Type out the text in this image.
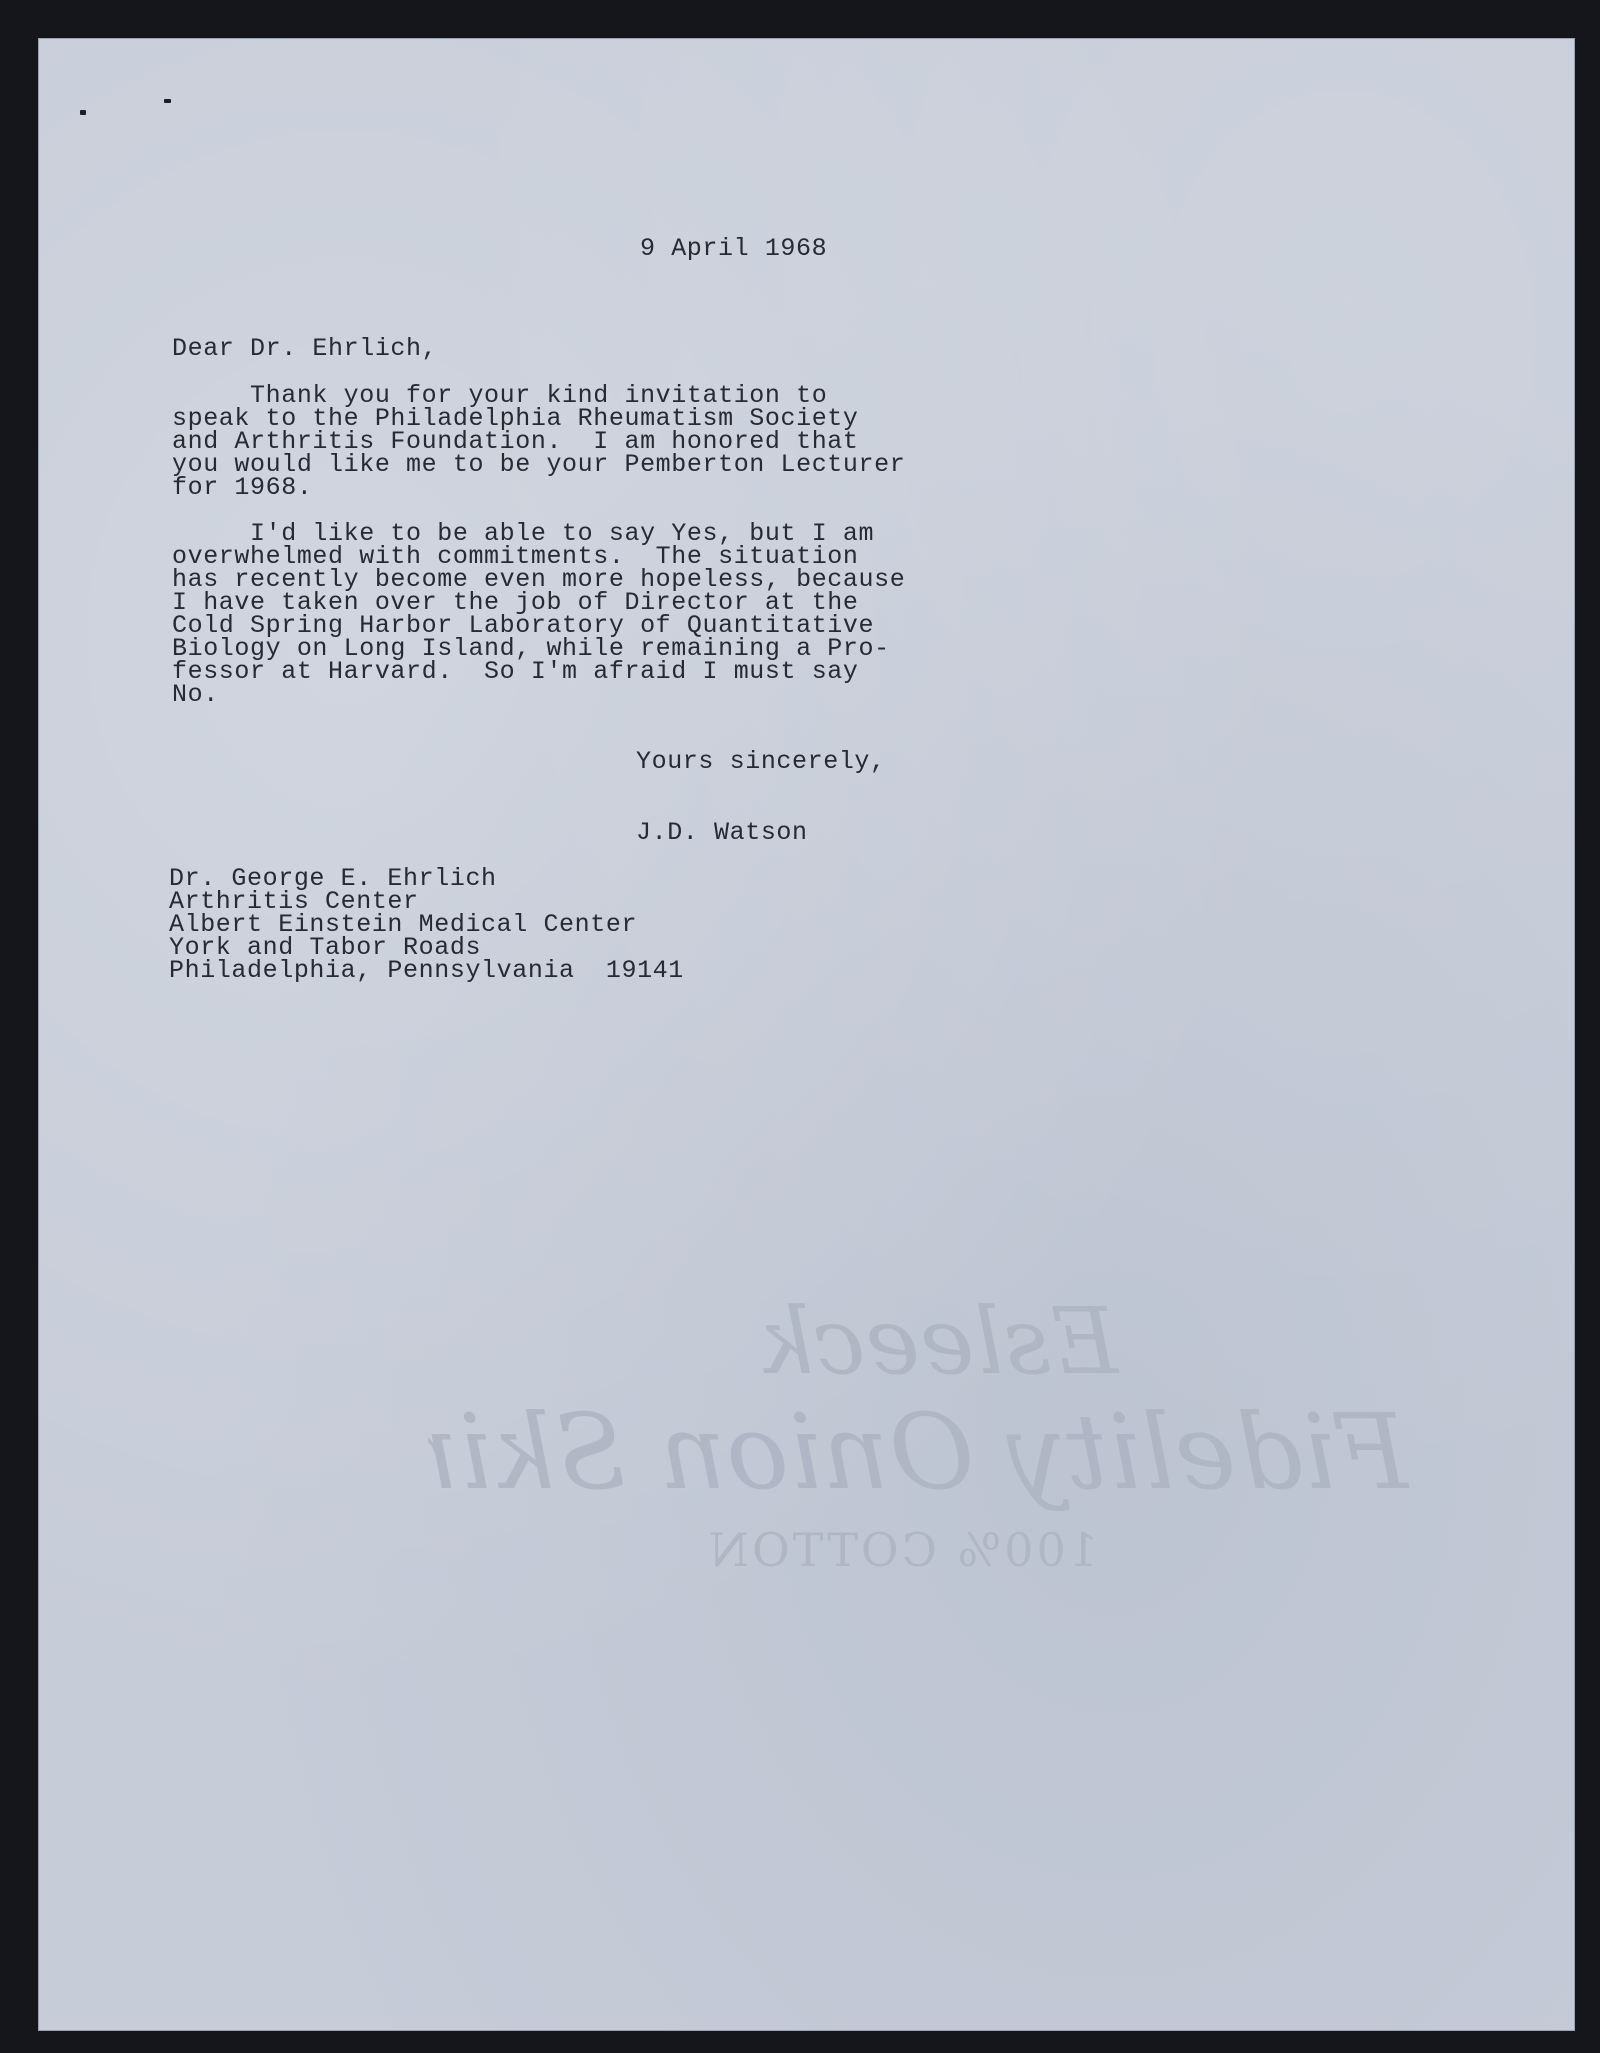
9 April 1968
Dear Dr. Ehrlich,
Thank you for your kind invitation to
speak to the Philadelphia Rheumatism Society
and Arthritis Foundation.  I am honored that
you would like me to be your Pemberton Lecturer
for 1968.
I'd like to be able to say Yes, but I am
overwhelmed with commitments.  The situation
has recently become even more hopeless, because
I have taken over the job of Director at the
Cold Spring Harbor Laboratory of Quantitative
Biology on Long Island, while remaining a Pro-
fessor at Harvard.  So I'm afraid I must say
No.
Yours sincerely,
J.D. Watson
Dr. George E. Ehrlich
Arthritis Center
Albert Einstein Medical Center
York and Tabor Roads
Philadelphia, Pennsylvania  19141
Esleeck
Fidelity Onion Skin
100% COTTON
